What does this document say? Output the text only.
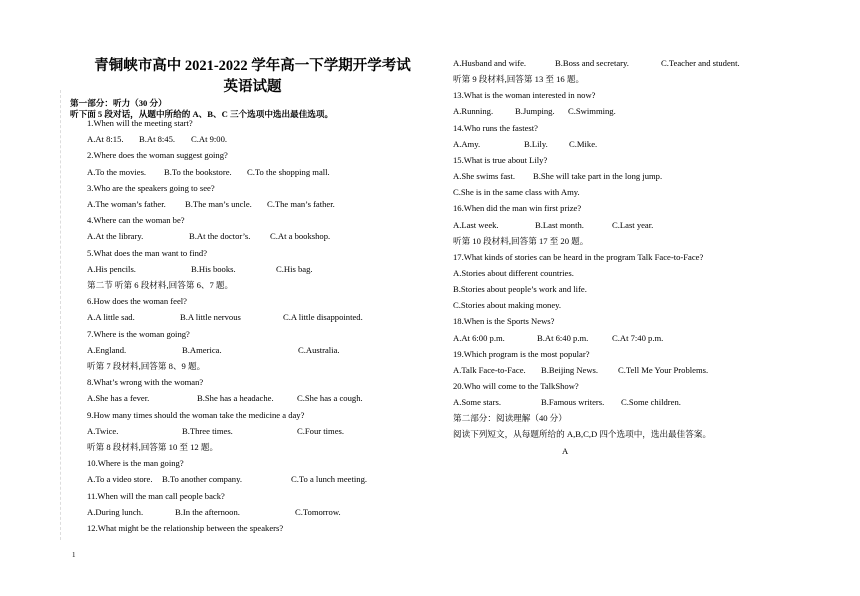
青铜峡市高中 2021-2022 学年高一下学期开学考试
英语试题
第一部分：听力（30 分）
听下面 5 段对话，从题中所给的 A、B、C 三个选项中选出最佳选项。
1.When will the meeting start?
A.At 8:15. B.At 8:45. C.At 9:00.
2.Where does the woman suggest going?
A.To the movies. B.To the bookstore. C.To the shopping mall.
3.Who are the speakers going to see?
A.The woman’s father. B.The man’s uncle. C.The man’s father.
4.Where can the woman be?
A.At the library.	B.At the doctor’s. C.At a bookshop.
5.What does the man want to find?
A.His pencils.	B.His books.	C.His bag.
第二节 听第 6 段材料,回答第 6、7 题。
6.How does the woman feel?
A.A little sad.	B.A little nervous	C.A little disappointed.
7.Where is the woman going?
A.England.	B.America.	C.Australia.
听第 7 段材料,回答第 8、9 题。
8.What’s wrong with the woman?
A.She has a fever.	B.She has a headache.	C.She has a cough.
9.How many times should the woman take the medicine a day?
A.Twice.	B.Three times.	C.Four times.
听第 8 段材料,回答第 10 至 12 题。
10.Where is the man going?
A.To a video store. B.To another company.	C.To a lunch meeting.
11.When will the man call people back?
A.During lunch.	B.In the afternoon.	C.Tomorrow.
12.What might be the relationship between the speakers?
A.Husband and wife.	B.Boss and secretary.	C.Teacher and student.
听第 9 段材料,回答第 13 至 16 题。
13.What is the woman interested in now?
A.Running.	B.Jumping. C.Swimming.
14.Who runs the fastest?
A.Amy.	B.Lily. C.Mike.
15.What is true about Lily?
A.She swims fast. B.She will take part in the long jump.
C.She is in the same class with Amy.
16.When did the man win first prize?
A.Last week.	B.Last month.	C.Last year.
听第 10 段材料,回答第 17 至 20 题。
17.What kinds of stories can be heard in the program Talk Face-to-Face?
A.Stories about different countries.
B.Stories about people’s work and life.
C.Stories about making money.
18.When is the Sports News?
A.At 6:00 p.m.	B.At 6:40 p.m.	C.At 7:40 p.m.
19.Which program is the most popular?
A.Talk Face-to-Face. B.Beijing News. C.Tell Me Your Problems.
20.Who will come to the TalkShow?
A.Some stars.	B.Famous writers. C.Some children.
第二部分：阅读理解（40 分）
阅读下列短文，从每题所给的 A,B,C,D 四个选项中，选出最佳答案。
A
1
